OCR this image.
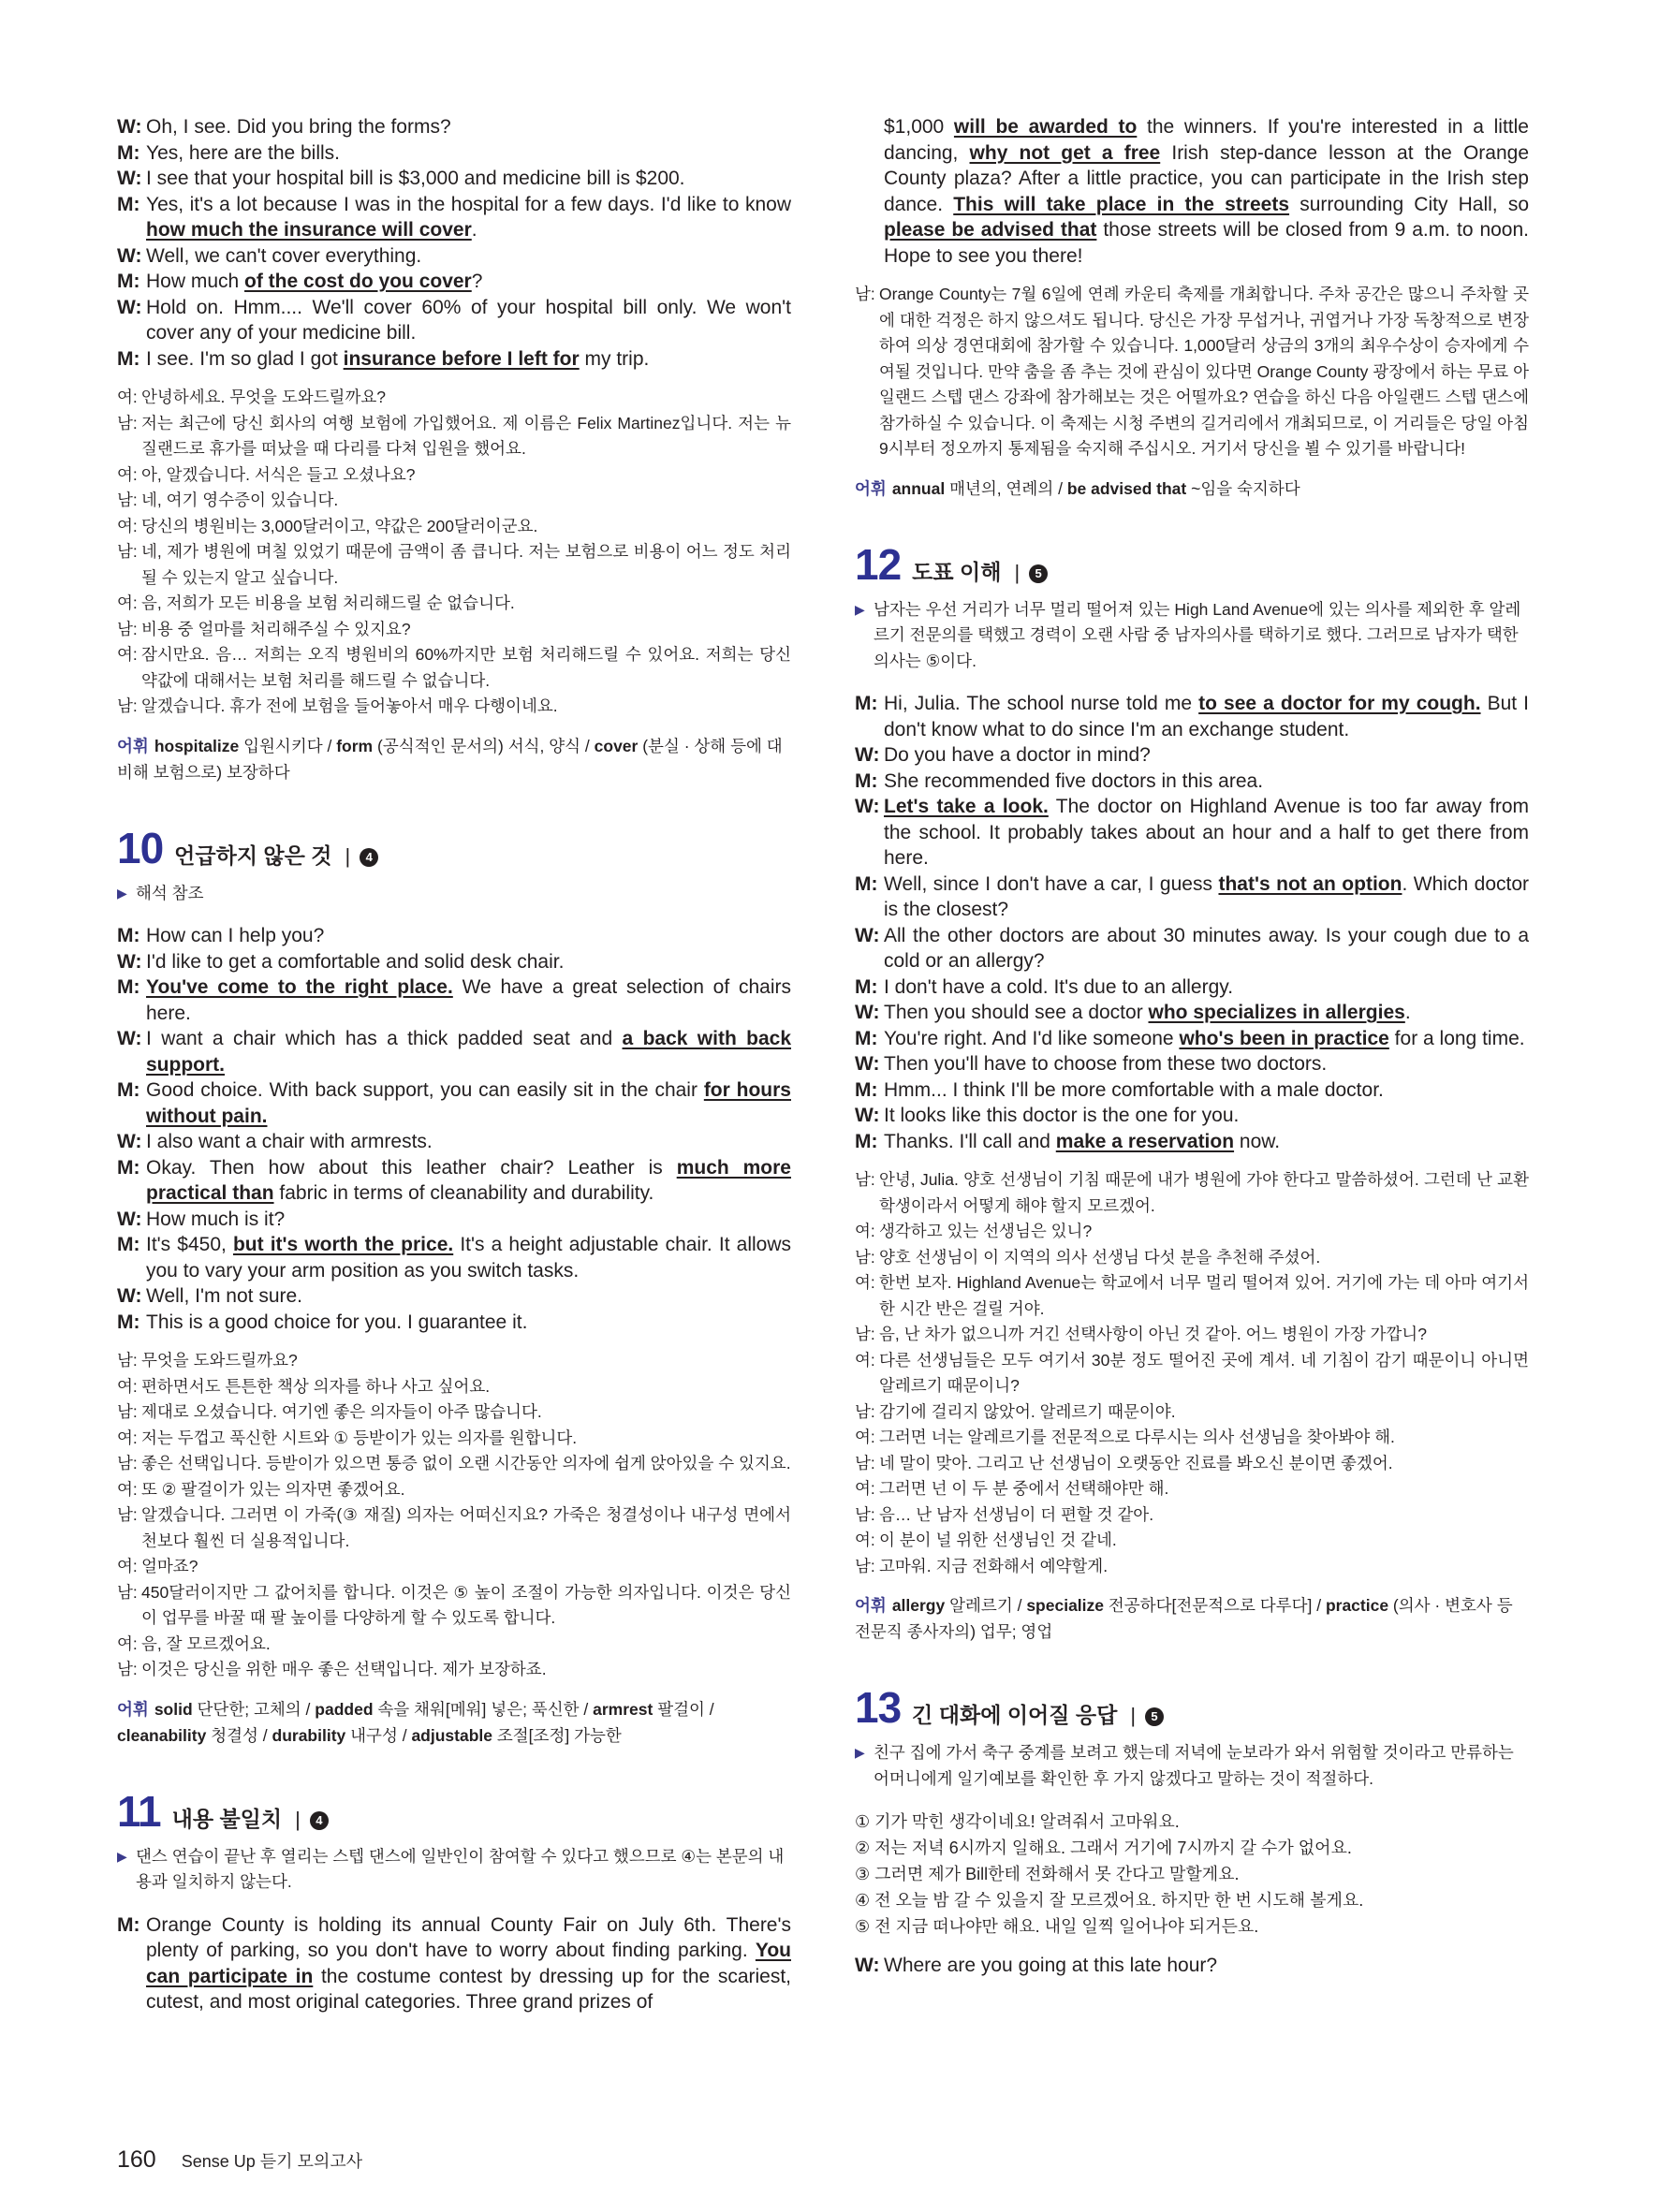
W: Oh, I see. Did you bring the forms?

M: Yes, here are the bills.

W: I see that your hospital bill is $3,000 and medicine bill is $200.

M: Yes, it's a lot because I was in the hospital for a few days. I'd like to know how much the insurance will cover.

W: Well, we can't cover everything.

M: How much of the cost do you cover?

W: Hold on. Hmm.... We'll cover 60% of your hospital bill only. We won't cover any of your medicine bill.

M: I see. I'm so glad I got insurance before I left for my trip.

여: 안녕하세요. 무엇을 도와드릴까요?

남: 저는 최근에 당신 회사의 여행 보험에 가입했어요. 제 이름은 Felix Martinez입니다. 저는 뉴질랜드로 휴가를 떠났을 때 다리를 다쳐 입원을 했어요.

여: 아, 알겠습니다. 서식은 들고 오셨나요?

남: 네, 여기 영수증이 있습니다.

여: 당신의 병원비는 3,000달러이고, 약값은 200달러이군요.

남: 네, 제가 병원에 며칠 있었기 때문에 금액이 좀 큽니다. 저는 보험으로 비용이 어느 정도 처리될 수 있는지 알고 싶습니다.

여: 음, 저희가 모든 비용을 보험 처리해드릴 순 없습니다.

남: 비용 중 얼마를 처리해주실 수 있지요?

여: 잠시만요. 음… 저희는 오직 병원비의 60%까지만 보험 처리해드릴 수 있어요. 저희는 당신 약값에 대해서는 보험 처리를 해드릴 수 없습니다.

남: 알겠습니다. 휴가 전에 보험을 들어놓아서 매우 다행이네요.

어휘 hospitalize 입원시키다 / form (공식적인 문서의) 서식, 양식 / cover (분실 · 상해 등에 대비해 보험으로) 보장하다
10 언급하지 않은 것 |	4
▶ 해석 참조

M: How can I help you?

W: I'd like to get a comfortable and solid desk chair.

M: You've come to the right place. We have a great selection of chairs here.

W: I want a chair which has a thick padded seat and a back with back support.

M: Good choice. With back support, you can easily sit in the chair for hours without pain.

W: I also want a chair with armrests.

M: Okay. Then how about this leather chair? Leather is much more practical than fabric in terms of cleanability and durability.

W: How much is it?

M: It's $450, but it's worth the price. It's a height adjustable chair. It allows you to vary your arm position as you switch tasks.

W: Well, I'm not sure.

M: This is a good choice for you. I guarantee it.

남: 무엇을 도와드릴까요?

여: 편하면서도 튼튼한 책상 의자를 하나 사고 싶어요.

남: 제대로 오셨습니다. 여기엔 좋은 의자들이 아주 많습니다.

여: 저는 두껍고 푹신한 시트와 ① 등받이가 있는 의자를 원합니다.

남: 좋은 선택입니다. 등받이가 있으면 통증 없이 오랜 시간동안 의자에 쉽게 앉아있을 수 있지요.

여: 또 ② 팔걸이가 있는 의자면 좋겠어요.

남: 알겠습니다. 그러면 이 가죽(③ 재질) 의자는 어떠신지요? 가죽은 청결성이나 내구성 면에서 천보다 훨씬 더 실용적입니다.

여: 얼마죠?

남: 450달러이지만 그 값어치를 합니다. 이것은 ⑤ 높이 조절이 가능한 의자입니다. 이것은 당신이 업무를 바꿀 때 팔 높이를 다양하게 할 수 있도록 합니다.

여: 음, 잘 모르겠어요.

남: 이것은 당신을 위한 매우 좋은 선택입니다. 제가 보장하죠.

어휘 solid 단단한; 고체의 / padded 속을 채워[메워] 넣은; 푹신한 / armrest 팔걸이 / cleanability 청결성 / durability 내구성 / adjustable 조절[조정] 가능한
11 내용 불일치 |	4
▶ 댄스 연습이 끝난 후 열리는 스텝 댄스에 일반인이 참여할 수 있다고 했으므로 ④는 본문의 내용과 일치하지 않는다.

M: Orange County is holding its annual County Fair on July 6th. There's plenty of parking, so you don't have to worry about finding parking. You can participate in the costume contest by dressing up for the scariest, cutest, and most original categories. Three grand prizes of

$1,000 will be awarded to the winners. If you're interested in a little dancing, why not get a free Irish step-dance lesson at the Orange County plaza? After a little practice, you can participate in the Irish step dance. This will take place in the streets surrounding City Hall, so please be advised that those streets will be closed from 9 a.m. to noon. Hope to see you there!

남: Orange County는 7월 6일에 연례 카운티 축제를 개최합니다. 주차 공간은 많으니 주차할 곳에 대한 걱정은 하지 않으셔도 됩니다. 당신은 가장 무섭거나, 귀엽거나 가장 독창적으로 변장하여 의상 경연대회에 참가할 수 있습니다. 1,000달러 상금의 3개의 최우수상이 승자에게 수여될 것입니다. 만약 춤을 좀 추는 것에 관심이 있다면 Orange County 광장에서 하는 무료 아일랜드 스텝 댄스 강좌에 참가해보는 것은 어떨까요? 연습을 하신 다음 아일랜드 스텝 댄스에 참가하실 수 있습니다. 이 축제는 시청 주변의 길거리에서 개최되므로, 이 거리들은 당일 아침 9시부터 정오까지 통제됨을 숙지해 주십시오. 거기서 당신을 뵐 수 있기를 바랍니다!

어휘 annual 매년의, 연례의 / be advised that ~임을 숙지하다
12 도표 이해 |	5
▶ 남자는 우선 거리가 너무 멀리 떨어져 있는 High Land Avenue에 있는 의사를 제외한 후 알레르기 전문의를 택했고 경력이 오랜 사람 중 남자의사를 택하기로 했다. 그러므로 남자가 택한 의사는 ⑤이다.

M: Hi, Julia. The school nurse told me to see a doctor for my cough. But I don't know what to do since I'm an exchange student.

W: Do you have a doctor in mind?

M: She recommended five doctors in this area.

W: Let's take a look. The doctor on Highland Avenue is too far away from the school. It probably takes about an hour and a half to get there from here.

M: Well, since I don't have a car, I guess that's not an option. Which doctor is the closest?

W: All the other doctors are about 30 minutes away. Is your cough due to a cold or an allergy?

M: I don't have a cold. It's due to an allergy.

W: Then you should see a doctor who specializes in allergies.

M: You're right. And I'd like someone who's been in practice for a long time.

W: Then you'll have to choose from these two doctors.

M: Hmm... I think I'll be more comfortable with a male doctor.

W: It looks like this doctor is the one for you.

M: Thanks. I'll call and make a reservation now.

남: 안녕, Julia. 양호 선생님이 기침 때문에 내가 병원에 가야 한다고 말씀하셨어. 그런데 난 교환학생이라서 어떻게 해야 할지 모르겠어.

여: 생각하고 있는 선생님은 있니?

남: 양호 선생님이 이 지역의 의사 선생님 다섯 분을 추천해 주셨어.

여: 한번 보자. Highland Avenue는 학교에서 너무 멀리 떨어져 있어. 거기에 가는 데 아마 여기서 한 시간 반은 걸릴 거야.

남: 음, 난 차가 없으니까 거긴 선택사항이 아닌 것 같아. 어느 병원이 가장 가깝니?

여: 다른 선생님들은 모두 여기서 30분 정도 떨어진 곳에 계셔. 네 기침이 감기 때문이니 아니면 알레르기 때문이니?

남: 감기에 걸리지 않았어. 알레르기 때문이야.

여: 그러면 너는 알레르기를 전문적으로 다루시는 의사 선생님을 찾아봐야 해.

남: 네 말이 맞아. 그리고 난 선생님이 오랫동안 진료를 봐오신 분이면 좋겠어.

여: 그러면 넌 이 두 분 중에서 선택해야만 해.

남: 음… 난 남자 선생님이 더 편할 것 같아.

여: 이 분이 널 위한 선생님인 것 같네.

남: 고마워. 지금 전화해서 예약할게.

어휘 allergy 알레르기 / specialize 전공하다[전문적으로 다루다] / practice (의사 · 변호사 등 전문직 종사자의) 업무; 영업
13 긴 대화에 이어질 응답 |	5
▶ 친구 집에 가서 축구 중계를 보려고 했는데 저녁에 눈보라가 와서 위험할 것이라고 만류하는 어머니에게 일기예보를 확인한 후 가지 않겠다고 말하는 것이 적절하다.
① 기가 막힌 생각이네요! 알려줘서 고마워요.
② 저는 저녁 6시까지 일해요. 그래서 거기에 7시까지 갈 수가 없어요.
③ 그러면 제가 Bill한테 전화해서 못 간다고 말할게요.
④ 전 오늘 밤 갈 수 있을지 잘 모르겠어요. 하지만 한 번 시도해 볼게요.
⑤ 전 지금 떠나야만 해요. 내일 일찍 일어나야 되거든요.

W: Where are you going at this late hour?

160 Sense Up 듣기 모의고사
